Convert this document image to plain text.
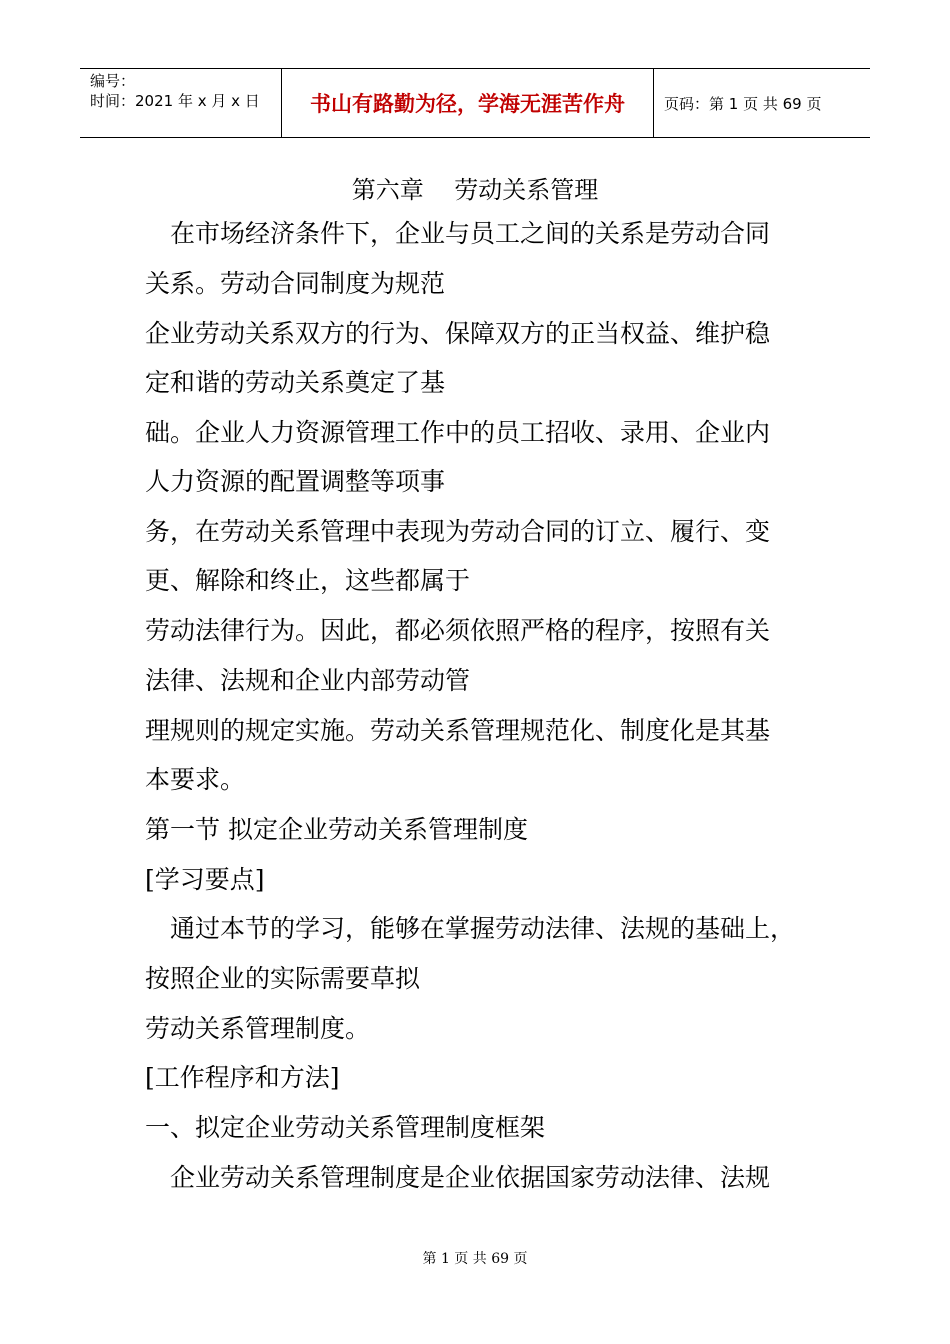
编号：
时间：2021 年 x 月 x 日 书山有路勤为径，学海无涯苦作舟	页码：第 1 页 共 69 页
第六章    劳动关系管理
　在市场经济条件下，企业与员工之间的关系是劳动合同
关系。劳动合同制度为规范
企业劳动关系双方的行为、保障双方的正当权益、维护稳
定和谐的劳动关系奠定了基
础。企业人力资源管理工作中的员工招收、录用、企业内
人力资源的配置调整等项事
务，在劳动关系管理中表现为劳动合同的订立、履行、变
更、解除和终止，这些都属于
劳动法律行为。因此，都必须依照严格的程序，按照有关
法律、法规和企业内部劳动管
理规则的规定实施。劳动关系管理规范化、制度化是其基
本要求。
第一节 拟定企业劳动关系管理制度
[学习要点]
　通过本节的学习，能够在掌握劳动法律、法规的基础上，
按照企业的实际需要草拟
劳动关系管理制度。
[工作程序和方法]
一、拟定企业劳动关系管理制度框架
　企业劳动关系管理制度是企业依据国家劳动法律、法规
第 1 页 共 69 页
